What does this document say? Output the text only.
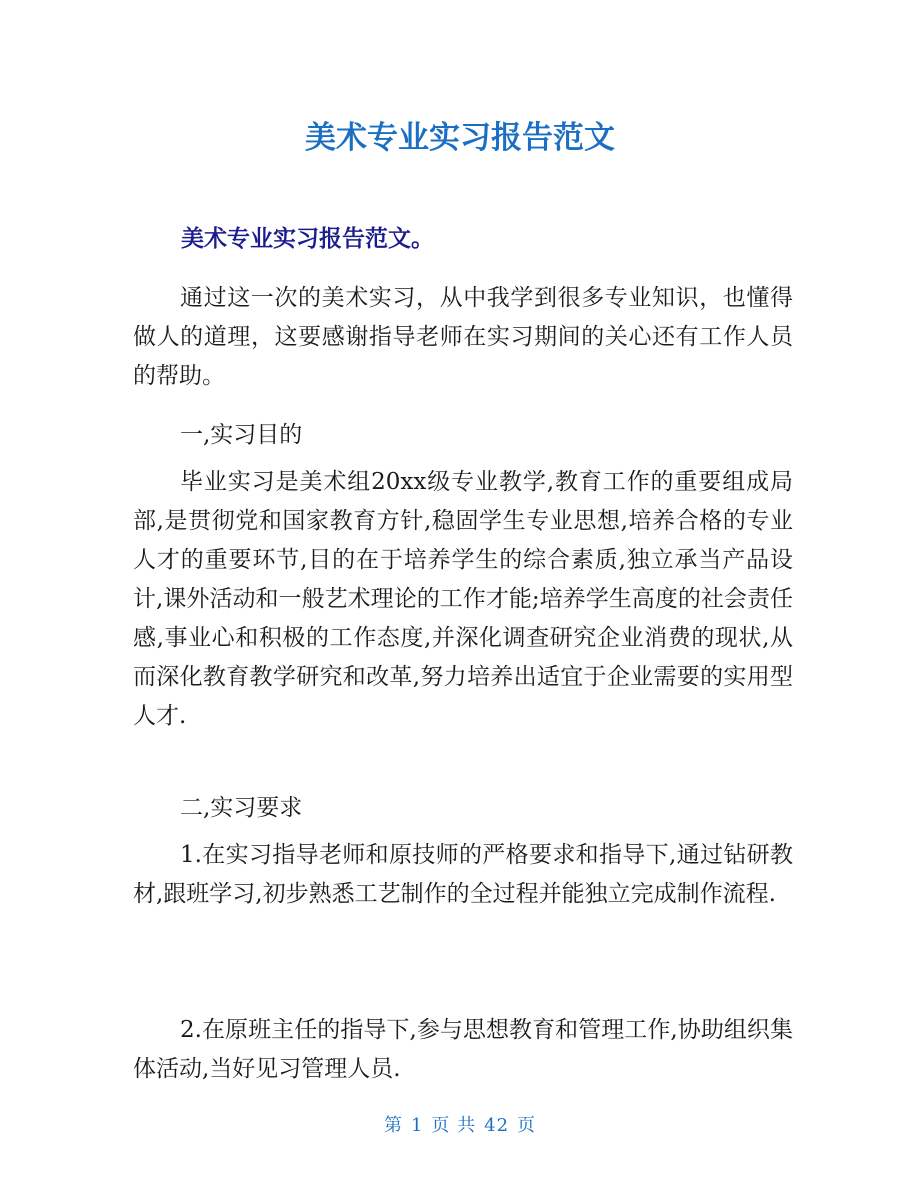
美术专业实习报告范文
美术专业实习报告范文。

通过这一次的美术实习，从中我学到很多专业知识，也懂得做人的道理，这要感谢指导老师在实习期间的关心还有工作人员的帮助。

一,实习目的

毕业实习是美术组20xx级专业教学,教育工作的重要组成局部,是贯彻党和国家教育方针,稳固学生专业思想,培养合格的专业人才的重要环节,目的在于培养学生的综合素质,独立承当产品设计,课外活动和一般艺术理论的工作才能;培养学生高度的社会责任感,事业心和积极的工作态度,并深化调查研究企业消费的现状,从而深化教育教学研究和改革,努力培养出适宜于企业需要的实用型人才.

二,实习要求

1.在实习指导老师和原技师的严格要求和指导下,通过钻研教材,跟班学习,初步熟悉工艺制作的全过程并能独立完成制作流程.

2.在原班主任的指导下,参与思想教育和管理工作,协助组织集体活动,当好见习管理人员.

第 1 页 共 42 页
